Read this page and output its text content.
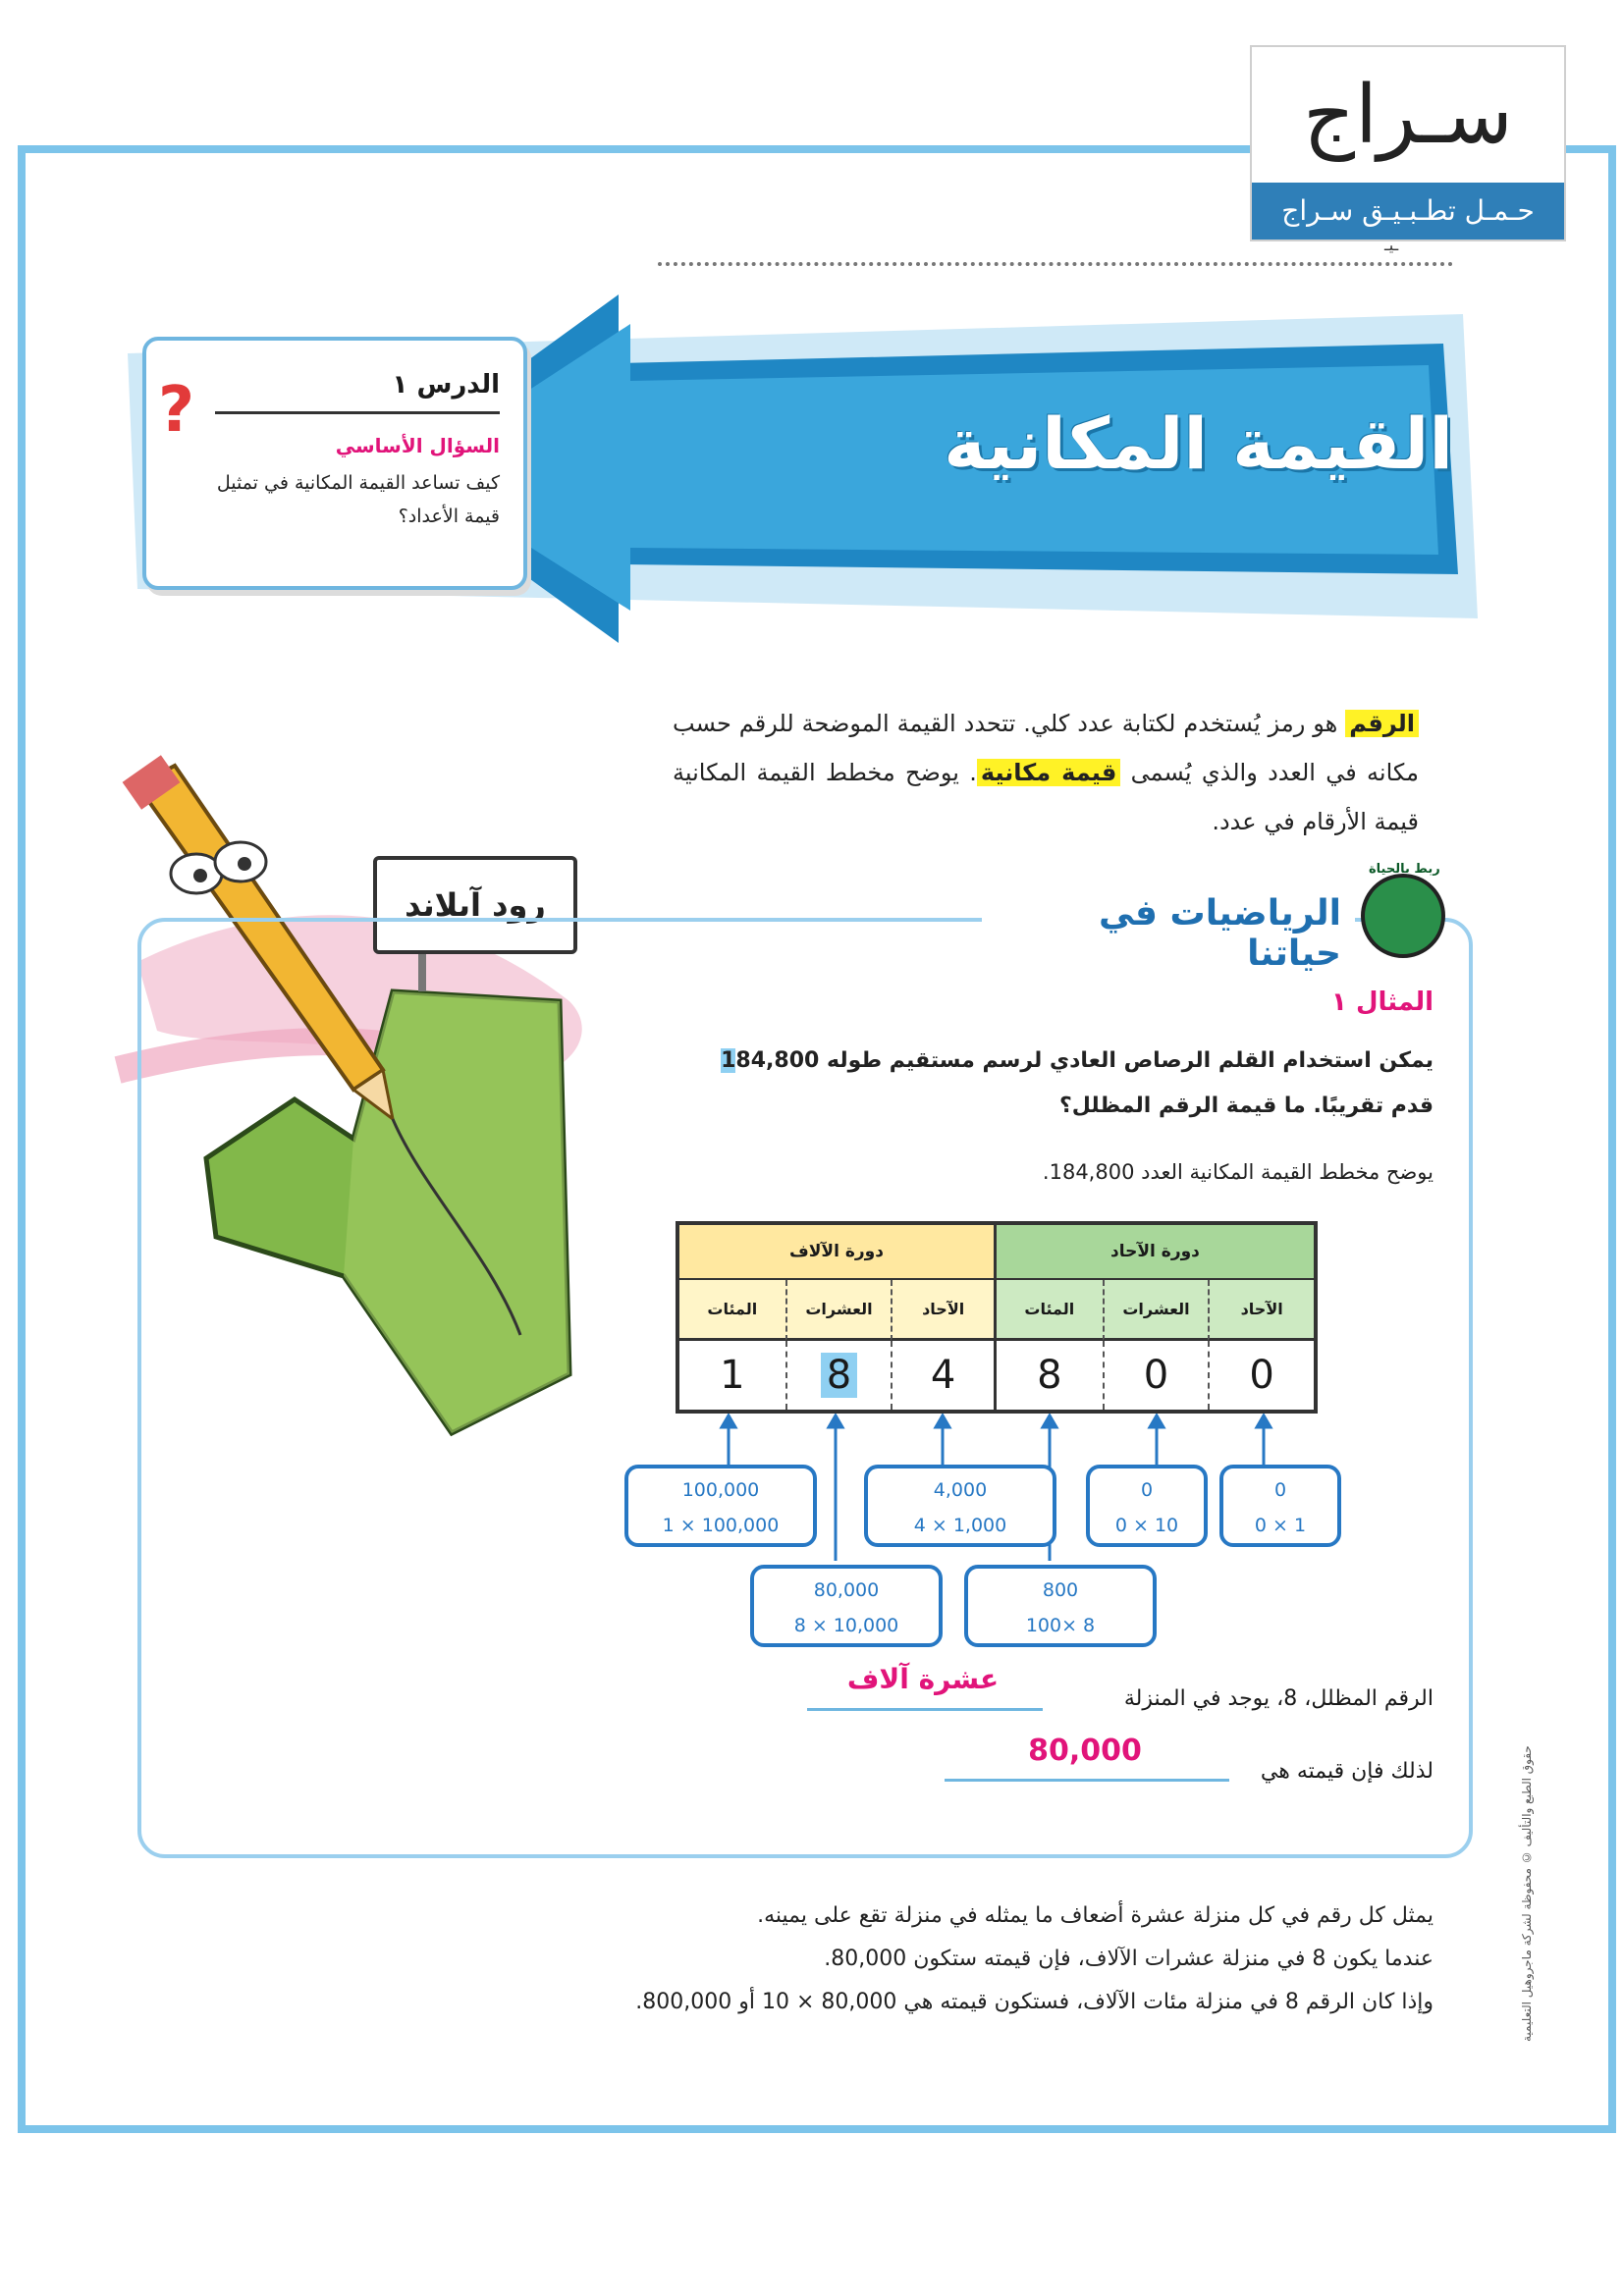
سـراج
حـمـل تطـبـيـق سـراج
ـيـ
القيمة المكانية
?	الدرس ١
السؤال الأساسي
كيف تساعد القيمة المكانية في تمثيل قيمة الأعداد؟
الرقم هو رمز يُستخدم لكتابة عدد كلي. تتحدد القيمة الموضحة للرقم حسب مكانه في العدد والذي يُسمى قيمة مكانية. يوضح مخطط القيمة المكانية قيمة الأرقام في عدد.
رود آيلاند	الرياضيات في حياتنا
ربط بالحياة
المثال ١
يمكن استخدام القلم الرصاص العادي لرسم مستقيم طوله 184,800 قدم تقريبًا. ما قيمة الرقم المظلل؟
يوضح مخطط القيمة المكانية العدد 184,800.
دورة الآلاف	دورة الآحاد
المئات	العشرات	الآحاد	المئات	العشرات	الآحاد
1	8	4	8	0	0
100,000
1 × 100,000
80,000
8 × 10,000
4,000
4 × 1,000
800
100× 8
0
0 × 10
0
0 × 1
الرقم المظلل، 8، يوجد في المنزلة
عشرة آلاف
لذلك فإن قيمته هي
80,000
يمثل كل رقم في كل منزلة عشرة أضعاف ما يمثله في منزلة تقع على يمينه.
عندما يكون 8 في منزلة عشرات الآلاف، فإن قيمته ستكون 80,000.
وإذا كان الرقم 8 في منزلة مئات الآلاف، فستكون قيمته هي 80,000 × 10 أو 800,000.	حقوق الطبع والتأليف © محفوظة لشركة ماجروهيل التعليمية
